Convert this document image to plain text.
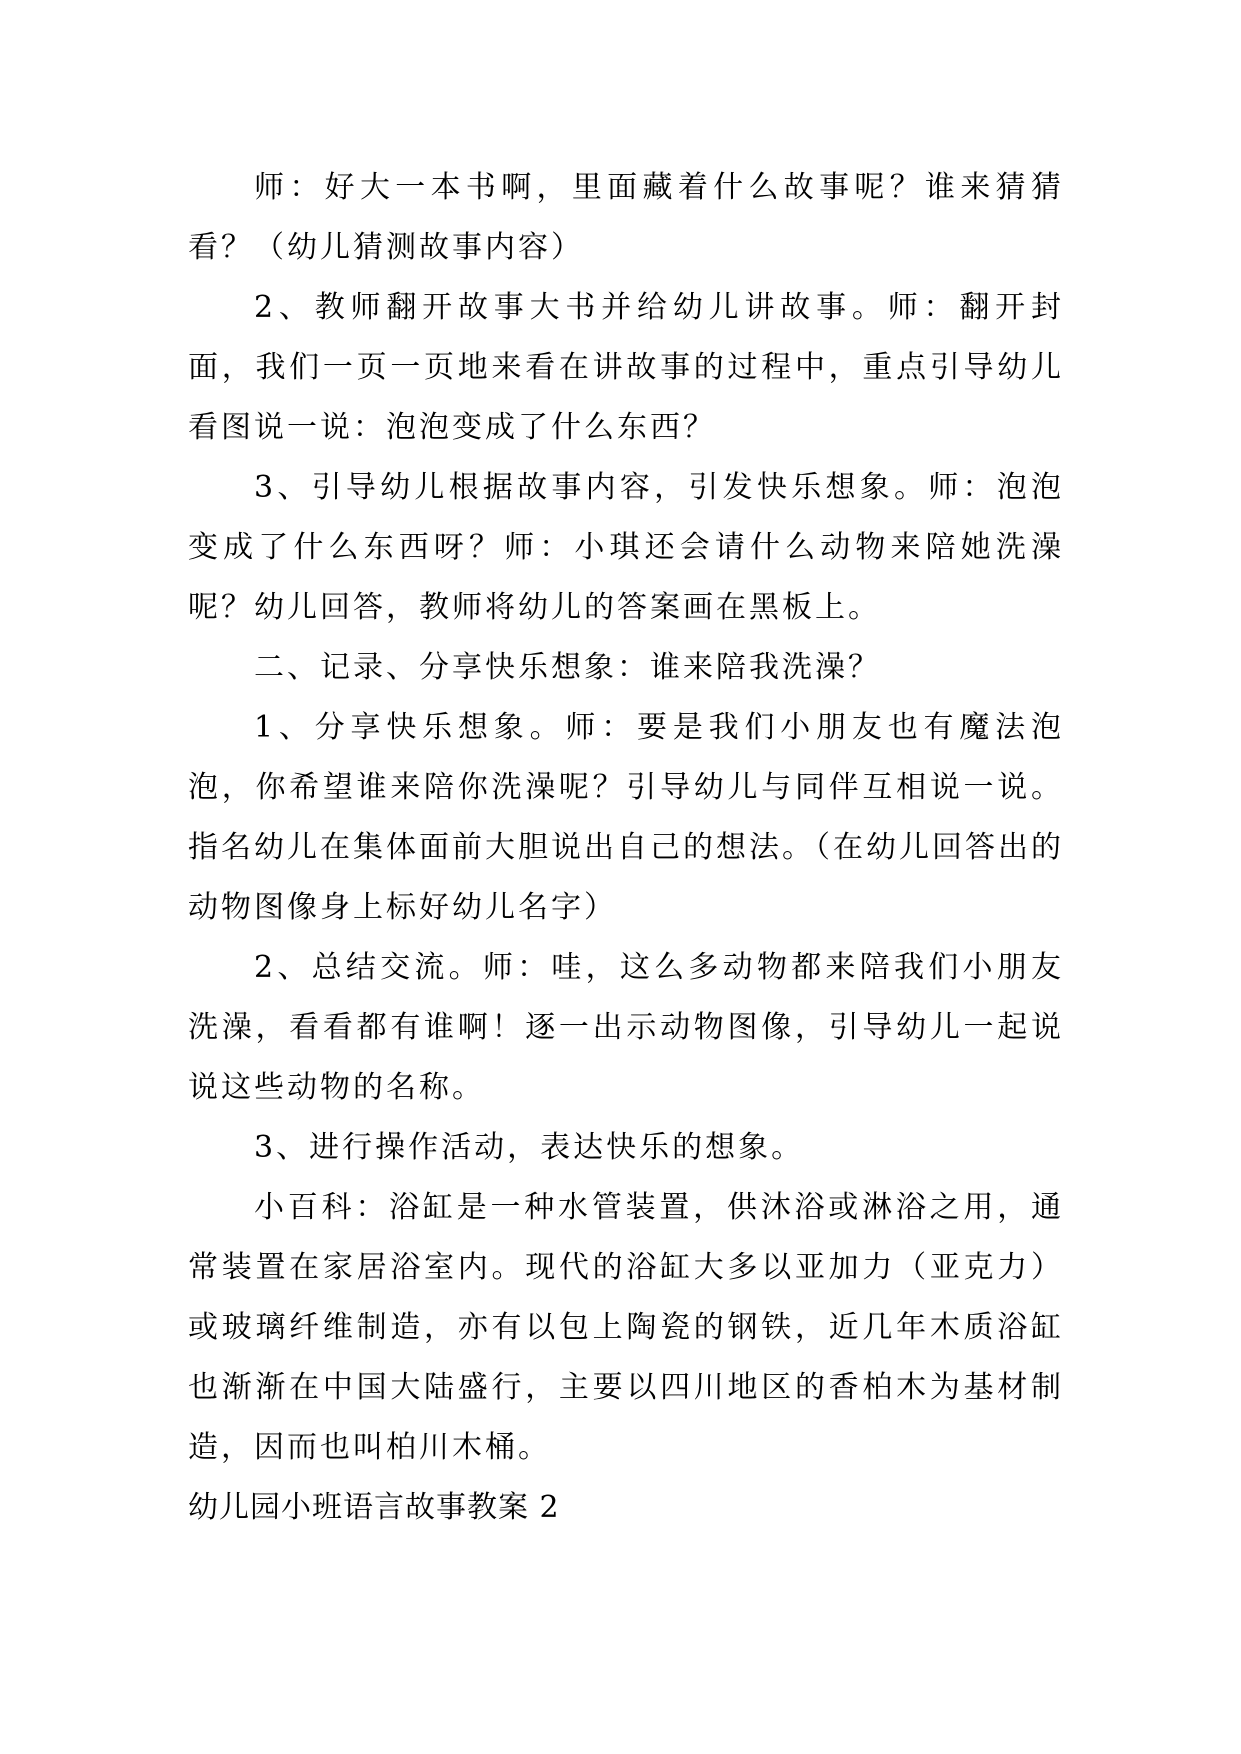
师：好大一本书啊，里面藏着什么故事呢？谁来猜猜看？（幼儿猜测故事内容）

2、教师翻开故事大书并给幼儿讲故事。师：翻开封面，我们一页一页地来看在讲故事的过程中，重点引导幼儿看图说一说：泡泡变成了什么东西？

3、引导幼儿根据故事内容，引发快乐想象。师：泡泡变成了什么东西呀？师：小琪还会请什么动物来陪她洗澡呢？幼儿回答，教师将幼儿的答案画在黑板上。

二、记录、分享快乐想象：谁来陪我洗澡？

1、分享快乐想象。师：要是我们小朋友也有魔法泡泡，你希望谁来陪你洗澡呢？引导幼儿与同伴互相说一说。指名幼儿在集体面前大胆说出自己的想法。（在幼儿回答出的动物图像身上标好幼儿名字）

2、总结交流。师：哇，这么多动物都来陪我们小朋友洗澡，看看都有谁啊！逐一出示动物图像，引导幼儿一起说说这些动物的名称。

3、进行操作活动，表达快乐的想象。

小百科：浴缸是一种水管装置，供沐浴或淋浴之用，通常装置在家居浴室内。现代的浴缸大多以亚加力（亚克力）或玻璃纤维制造，亦有以包上陶瓷的钢铁，近几年木质浴缸也渐渐在中国大陆盛行，主要以四川地区的香柏木为基材制造，因而也叫柏川木桶。

幼儿园小班语言故事教案 2
